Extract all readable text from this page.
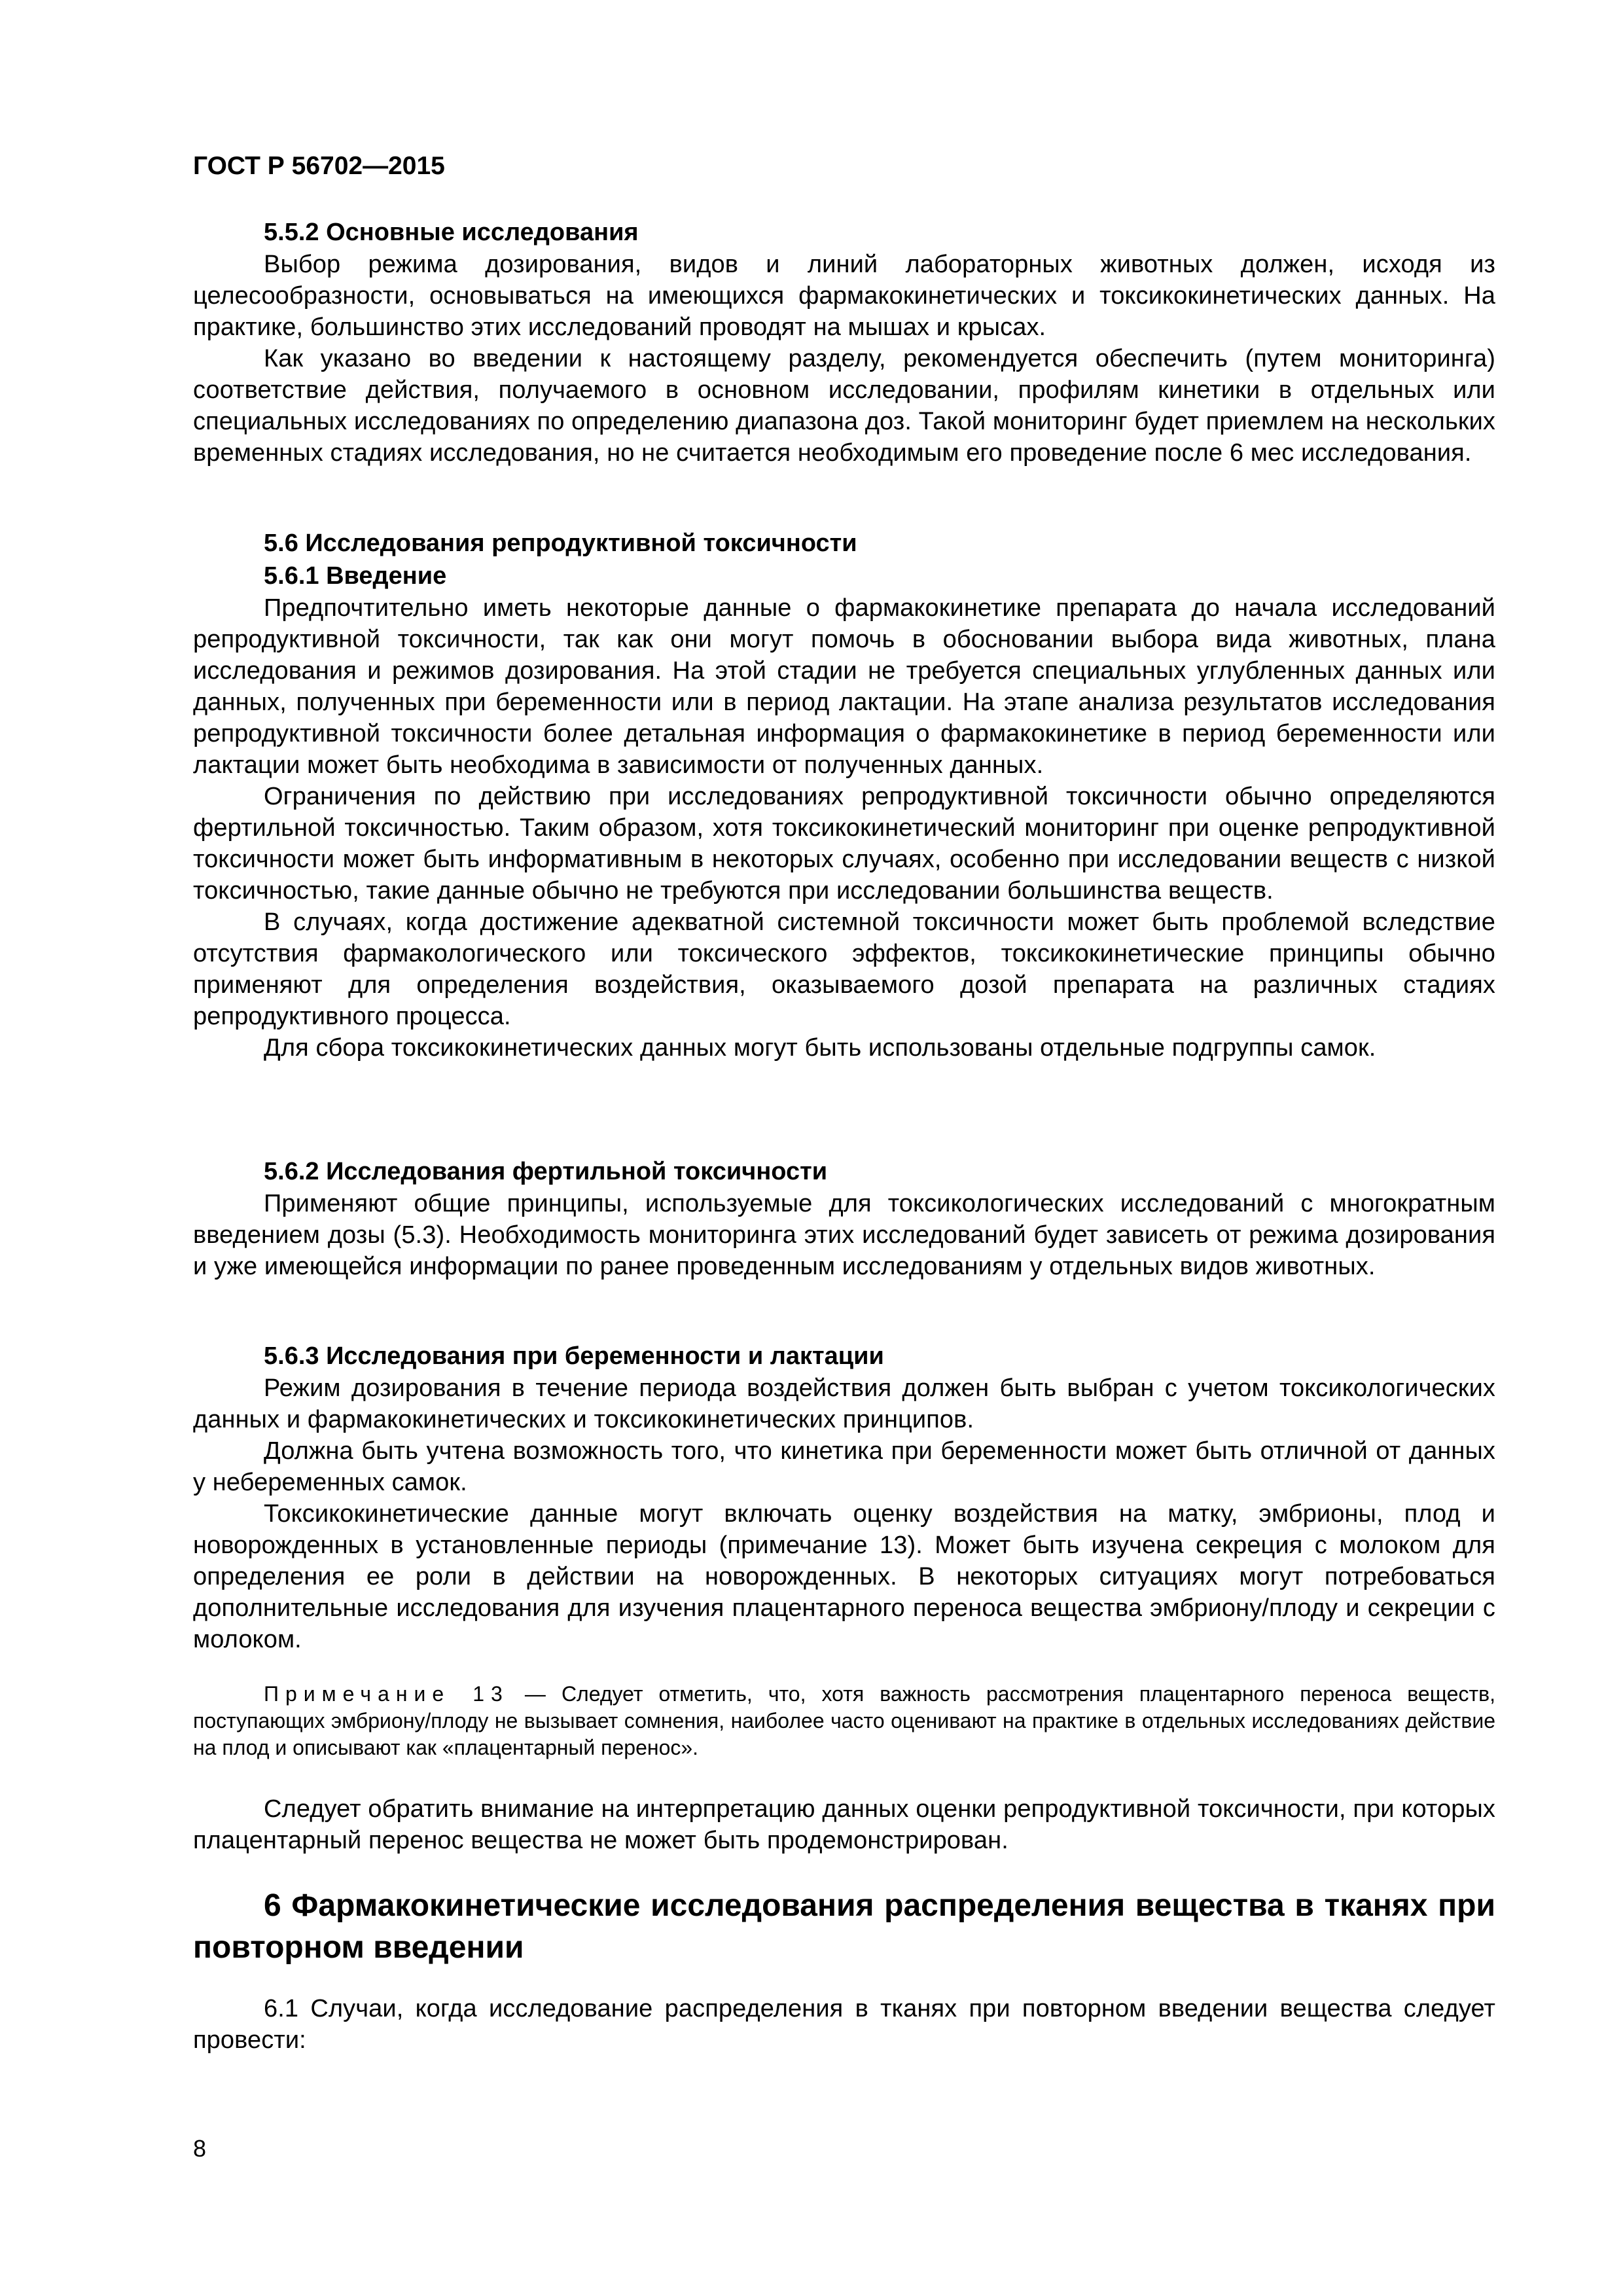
ГОСТ Р 56702—2015

5.5.2 Основные исследования

Выбор режима дозирования, видов и линий лабораторных животных должен, исходя из целесообразности, основываться на имеющихся фармакокинетических и токсикокинетических данных. На практике, большинство этих исследований проводят на мышах и крысах.

Как указано во введении к настоящему разделу, рекомендуется обеспечить (путем мониторинга) соответствие действия, получаемого в основном исследовании, профилям кинетики в отдельных или специальных исследованиях по определению диапазона доз. Такой мониторинг будет приемлем на нескольких временных стадиях исследования, но не считается необходимым его проведение после 6 мес исследования.

5.6 Исследования репродуктивной токсичности

5.6.1 Введение

Предпочтительно иметь некоторые данные о фармакокинетике препарата до начала исследований репродуктивной токсичности, так как они могут помочь в обосновании выбора вида животных, плана исследования и режимов дозирования. На этой стадии не требуется специальных углубленных данных или данных, полученных при беременности или в период лактации. На этапе анализа результатов исследования репродуктивной токсичности более детальная информация о фармакокинетике в период беременности или лактации может быть необходима в зависимости от полученных данных.

Ограничения по действию при исследованиях репродуктивной токсичности обычно определяются фертильной токсичностью. Таким образом, хотя токсикокинетический мониторинг при оценке репродуктивной токсичности может быть информативным в некоторых случаях, особенно при исследовании веществ с низкой токсичностью, такие данные обычно не требуются при исследовании большинства веществ.

В случаях, когда достижение адекватной системной токсичности может быть проблемой вследствие отсутствия фармакологического или токсического эффектов, токсикокинетические принципы обычно применяют для определения воздействия, оказываемого дозой препарата на различных стадиях репродуктивного процесса.

Для сбора токсикокинетических данных могут быть использованы отдельные подгруппы самок.

5.6.2 Исследования фертильной токсичности

Применяют общие принципы, используемые для токсикологических исследований с многократным введением дозы (5.3). Необходимость мониторинга этих исследований будет зависеть от режима дозирования и уже имеющейся информации по ранее проведенным исследованиям у отдельных видов животных.

5.6.3 Исследования при беременности и лактации

Режим дозирования в течение периода воздействия должен быть выбран с учетом токсикологических данных и фармакокинетических и токсикокинетических принципов.

Должна быть учтена возможность того, что кинетика при беременности может быть отличной от данных у небеременных самок.

Токсикокинетические данные могут включать оценку воздействия на матку, эмбрионы, плод и новорожденных в установленные периоды (примечание 13). Может быть изучена секреция с молоком для определения ее роли в действии на новорожденных. В некоторых ситуациях могут потребоваться дополнительные исследования для изучения плацентарного переноса вещества эмбриону/плоду и секреции с молоком.

Примечание 13 — Следует отметить, что, хотя важность рассмотрения плацентарного переноса веществ, поступающих эмбриону/плоду не вызывает сомнения, наиболее часто оценивают на практике в отдельных исследованиях действие на плод и описывают как «плацентарный перенос».

Следует обратить внимание на интерпретацию данных оценки репродуктивной токсичности, при которых плацентарный перенос вещества не может быть продемонстрирован.

6 Фармакокинетические исследования распределения вещества в тканях при повторном введении

6.1 Случаи, когда исследование распределения в тканях при повторном введении вещества следует провести:

8
